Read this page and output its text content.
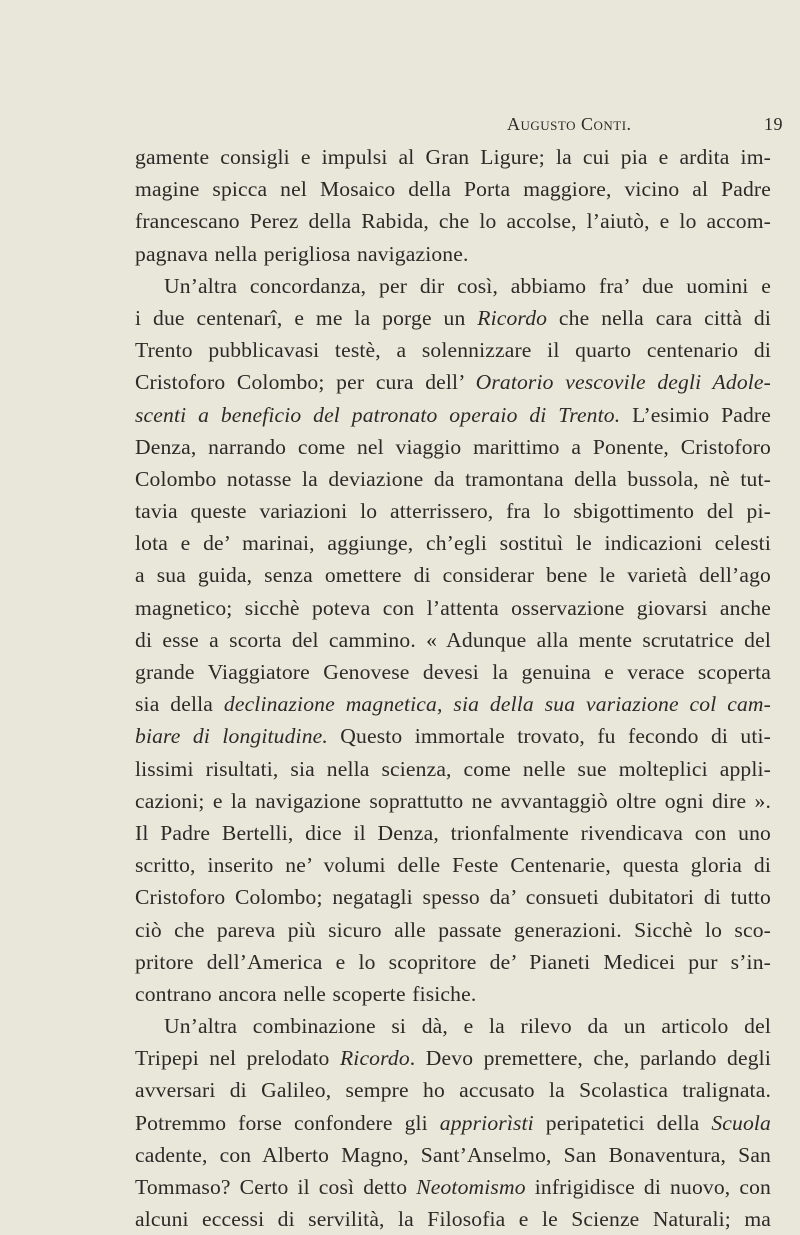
Augusto Conti.	19
gamente consigli e impulsi al Gran Ligure; la cui pia e ardita im-
magine spicca nel Mosaico della Porta maggiore, vicino al Padre
francescano Perez della Rabida, che lo accolse, l’aiutò, e lo accom-
pagnava nella perigliosa navigazione.
Un’altra concordanza, per dir così, abbiamo fra’ due uomini e
i due centenarî, e me la porge un Ricordo che nella cara città di
Trento pubblicavasi testè, a solennizzare il quarto centenario di
Cristoforo Colombo; per cura dell’ Oratorio vescovile degli Adole-
scenti a beneficio del patronato operaio di Trento. L’esimio Padre
Denza, narrando come nel viaggio marittimo a Ponente, Cristoforo
Colombo notasse la deviazione da tramontana della bussola, nè tut-
tavia queste variazioni lo atterrissero, fra lo sbigottimento del pi-
lota e de’ marinai, aggiunge, ch’egli sostituì le indicazioni celesti
a sua guida, senza omettere di considerar bene le varietà dell’ago
magnetico; sicchè poteva con l’attenta osservazione giovarsi anche
di esse a scorta del cammino. « Adunque alla mente scrutatrice del
grande Viaggiatore Genovese devesi la genuina e verace scoperta
sia della declinazione magnetica, sia della sua variazione col cam-
biare di longitudine. Questo immortale trovato, fu fecondo di uti-
lissimi risultati, sia nella scienza, come nelle sue molteplici appli-
cazioni; e la navigazione soprattutto ne avvantaggiò oltre ogni dire ».
Il Padre Bertelli, dice il Denza, trionfalmente rivendicava con uno
scritto, inserito ne’ volumi delle Feste Centenarie, questa gloria di
Cristoforo Colombo; negatagli spesso da’ consueti dubitatori di tutto
ciò che pareva più sicuro alle passate generazioni. Sicchè lo sco-
pritore dell’America e lo scopritore de’ Pianeti Medicei pur s’in-
contrano ancora nelle scoperte fisiche.
Un’altra combinazione si dà, e la rilevo da un articolo del
Tripepi nel prelodato Ricordo. Devo premettere, che, parlando degli
avversari di Galileo, sempre ho accusato la Scolastica tralignata.
Potremmo forse confondere gli appriorìsti peripatetici della Scuola
cadente, con Alberto Magno, Sant’Anselmo, San Bonaventura, San
Tommaso? Certo il così detto Neotomismo infrigidisce di nuovo, con
alcuni eccessi di servilità, la Filosofia e le Scienze Naturali; ma
